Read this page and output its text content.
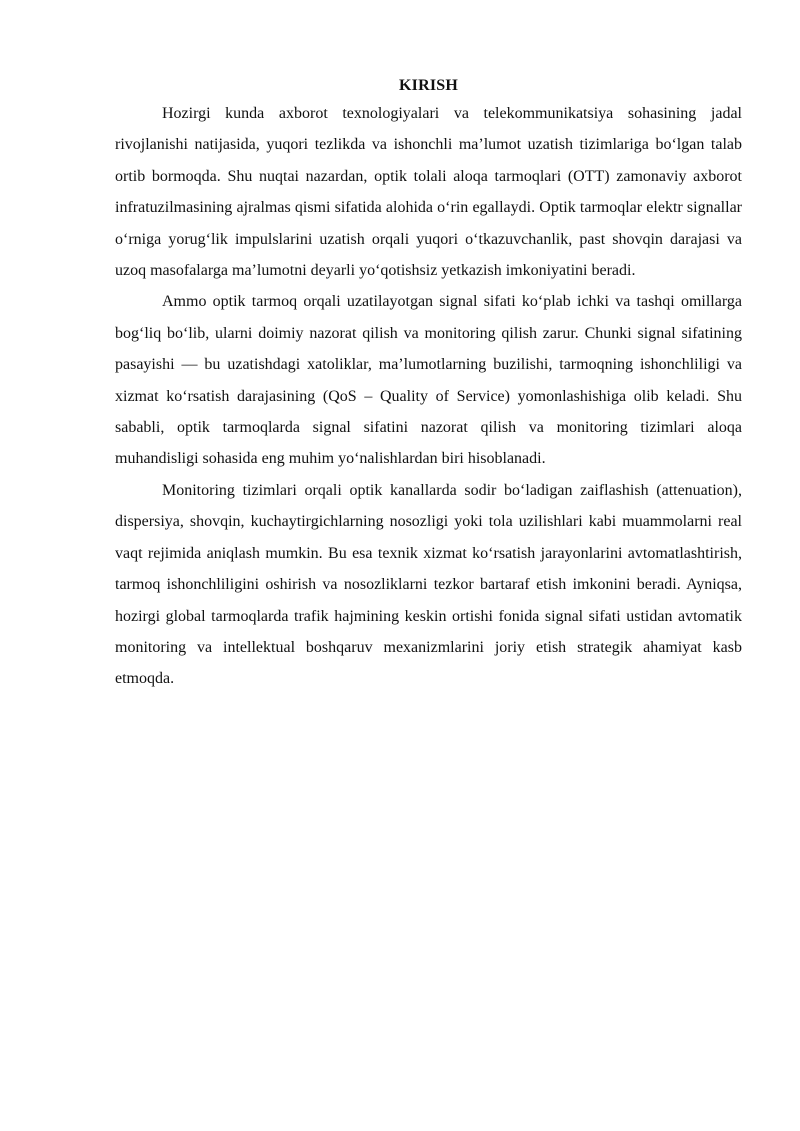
KIRISH

Hozirgi kunda axborot texnologiyalari va telekommunikatsiya sohasining jadal rivojlanishi natijasida, yuqori tezlikda va ishonchli ma’lumot uzatish tizimlariga bo‘lgan talab ortib bormoqda. Shu nuqtai nazardan, optik tolali aloqa tarmoqlari (OTT) zamonaviy axborot infratuzilmasining ajralmas qismi sifatida alohida o‘rin egallaydi. Optik tarmoqlar elektr signallar o‘rniga yorug‘lik impulslarini uzatish orqali yuqori o‘tkazuvchanlik, past shovqin darajasi va uzoq masofalarga ma’lumotni deyarli yo‘qotishsiz yetkazish imkoniyatini beradi.

Ammo optik tarmoq orqali uzatilayotgan signal sifati ko‘plab ichki va tashqi omillarga bog‘liq bo‘lib, ularni doimiy nazorat qilish va monitoring qilish zarur. Chunki signal sifatining pasayishi — bu uzatishdagi xatoliklar, ma’lumotlarning buzilishi, tarmoqning ishonchliligi va xizmat ko‘rsatish darajasining (QoS – Quality of Service) yomonlashishiga olib keladi. Shu sababli, optik tarmoqlarda signal sifatini nazorat qilish va monitoring tizimlari aloqa muhandisligi sohasida eng muhim yo‘nalishlardan biri hisoblanadi.

Monitoring tizimlari orqali optik kanallarda sodir bo‘ladigan zaiflashish (attenuation), dispersiya, shovqin, kuchaytirgichlarning nosozligi yoki tola uzilishlari kabi muammolarni real vaqt rejimida aniqlash mumkin. Bu esa texnik xizmat ko‘rsatish jarayonlarini avtomatlashtirish, tarmoq ishonchliligini oshirish va nosozliklarni tezkor bartaraf etish imkonini beradi. Ayniqsa, hozirgi global tarmoqlarda trafik hajmining keskin ortishi fonida signal sifati ustidan avtomatik monitoring va intellektual boshqaruv mexanizmlarini joriy etish strategik ahamiyat kasb etmoqda.
